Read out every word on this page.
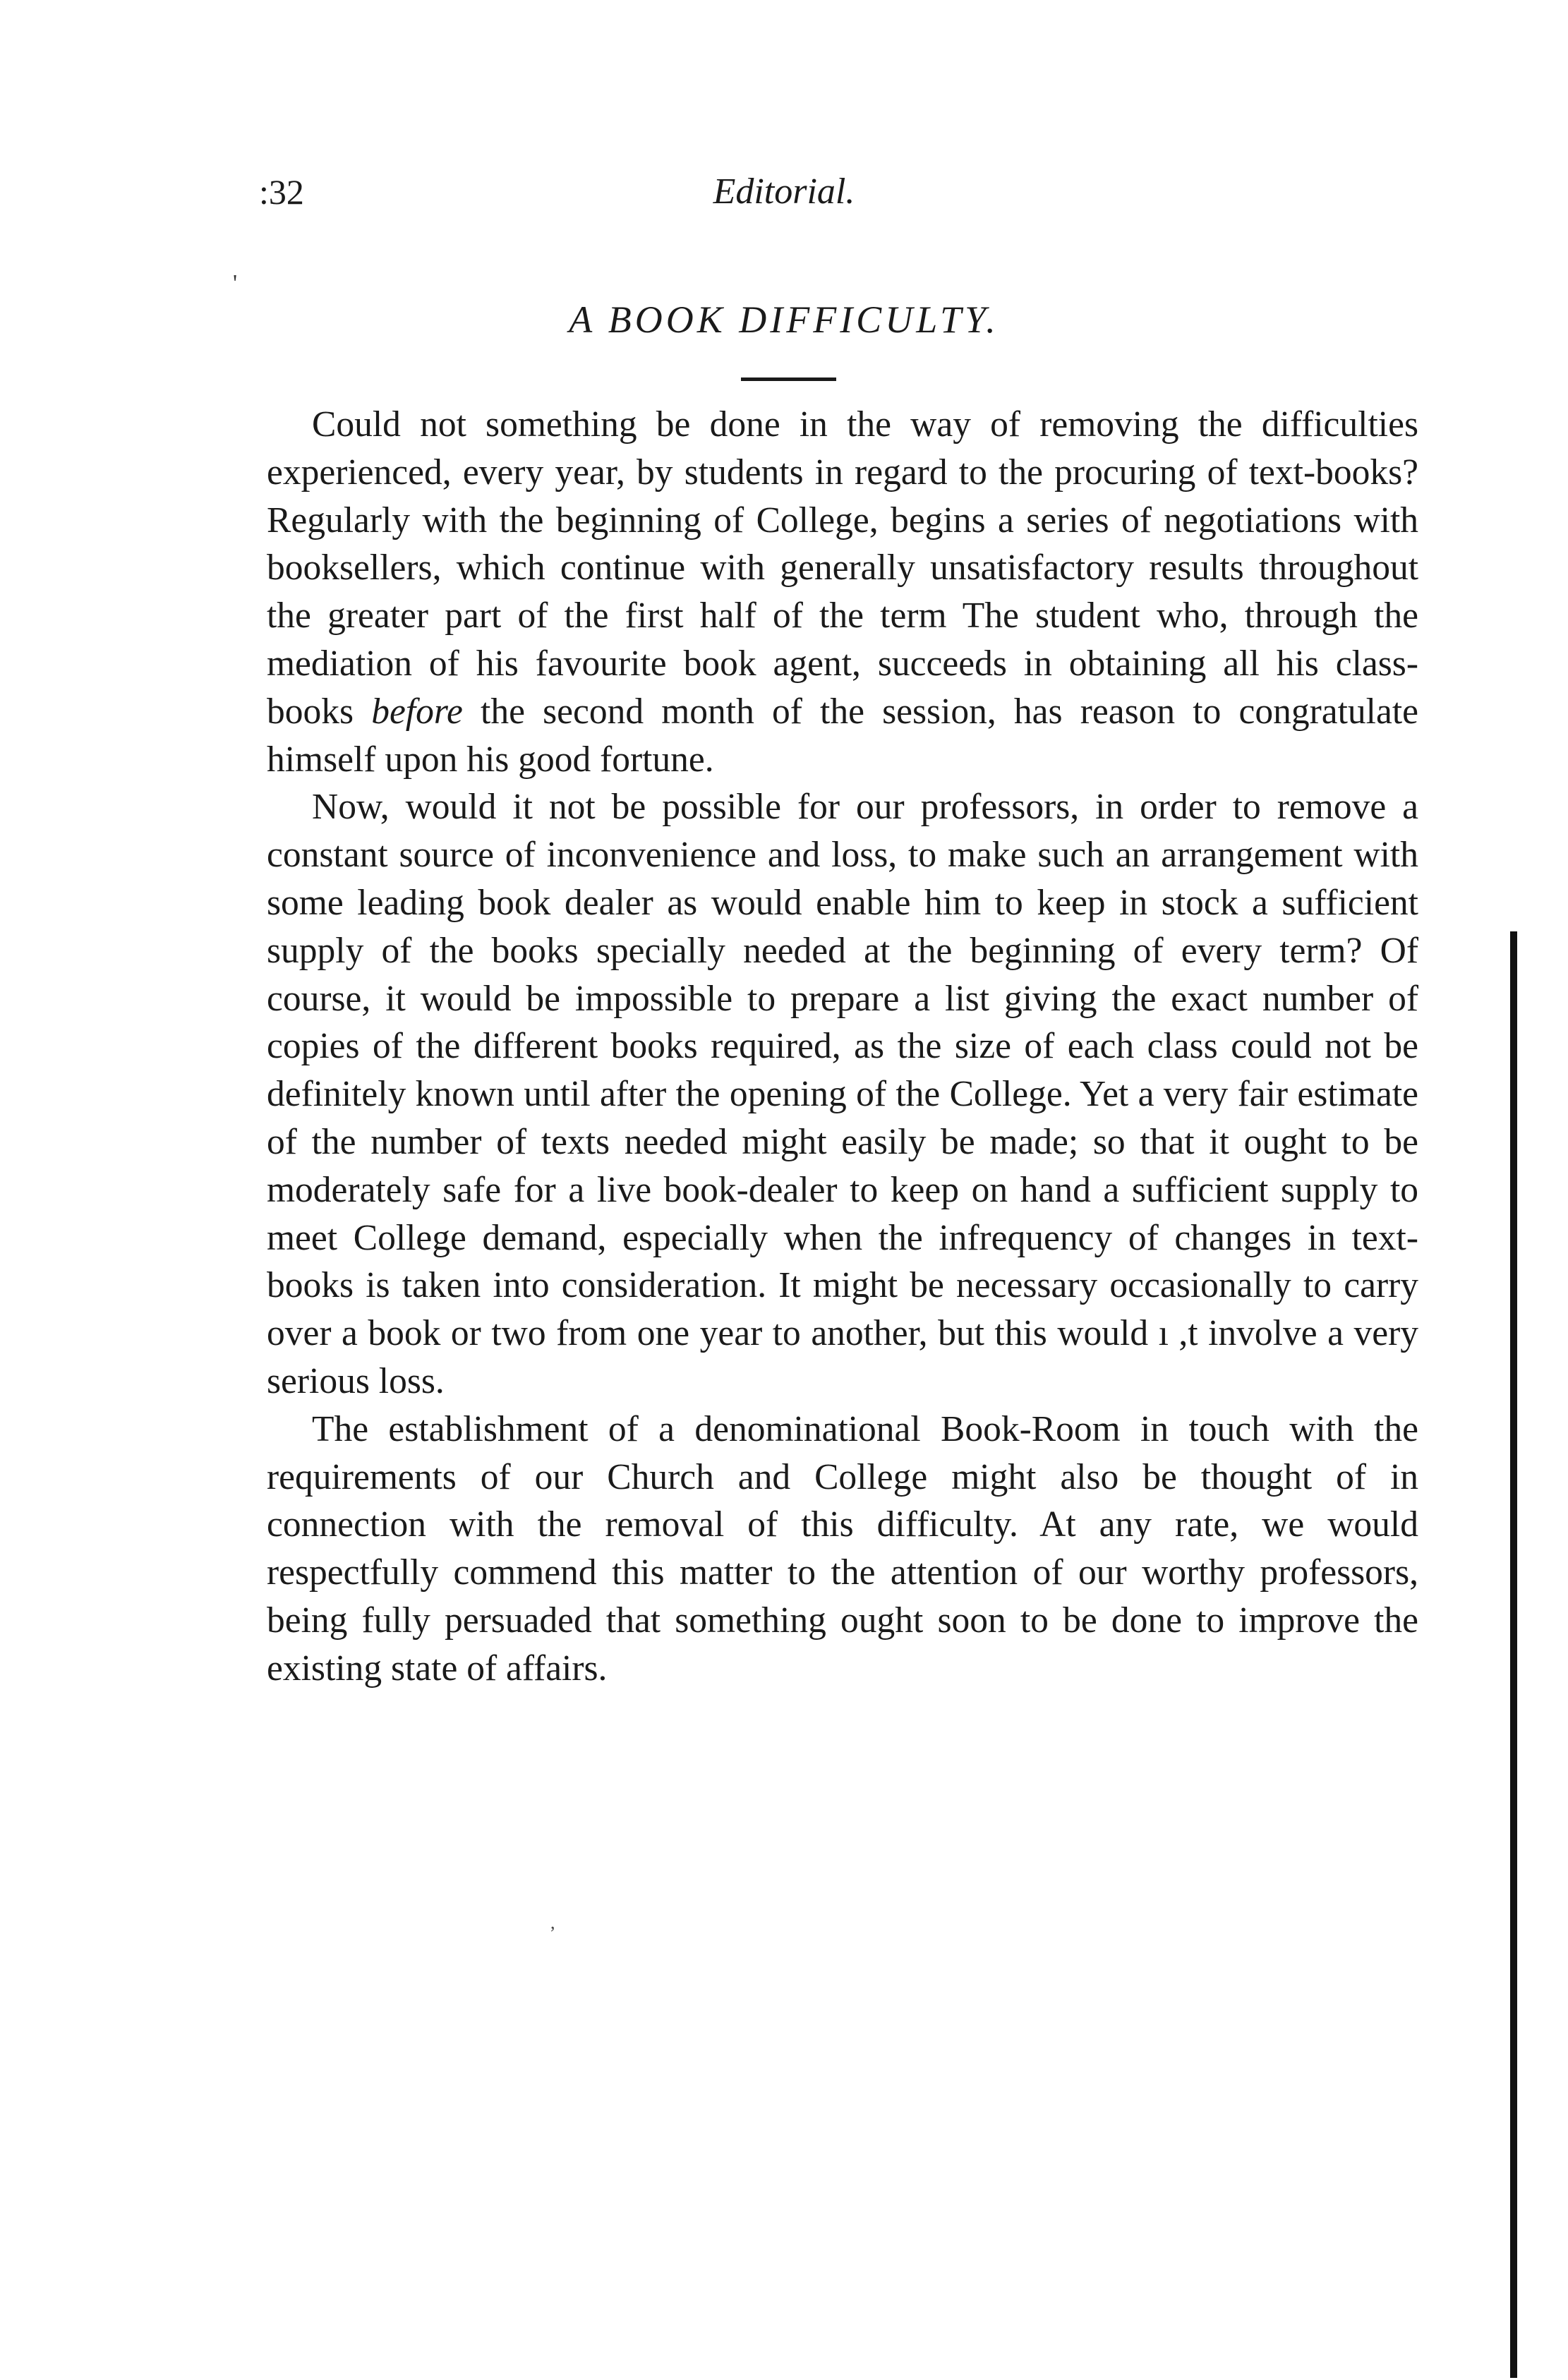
:32	Editorial.
'
A BOOK DIFFICULTY.

Could not something be done in the way of removing the difficulties experienced, every year, by students in regard to the procuring of text-books? Regularly with the beginning of College, begins a series of negotiations with booksellers, which continue with generally unsatisfactory results throughout the greater part of the first half of the term The student who, through the mediation of his favourite book agent, succeeds in obtaining all his class-books before the second month of the session, has reason to congratulate himself upon his good fortune.

Now, would it not be possible for our professors, in order to remove a constant source of inconvenience and loss, to make such an arrangement with some leading book dealer as would enable him to keep in stock a sufficient supply of the books specially needed at the beginning of every term? Of course, it would be impossible to prepare a list giving the exact number of copies of the different books required, as the size of each class could not be definitely known until after the opening of the College. Yet a very fair estimate of the number of texts needed might easily be made; so that it ought to be moderately safe for a live book-dealer to keep on hand a sufficient supply to meet College demand, especially when the infrequency of changes in text-books is taken into consideration. It might be necessary occasionally to carry over a book or two from one year to another, but this would ı ,t involve a very serious loss.

The establishment of a denominational Book-Room in touch with the requirements of our Church and College might also be thought of in connection with the removal of this difficulty. At any rate, we would respectfully commend this matter to the attention of our worthy professors, being fully persuaded that something ought soon to be done to improve the existing state of affairs.

,
